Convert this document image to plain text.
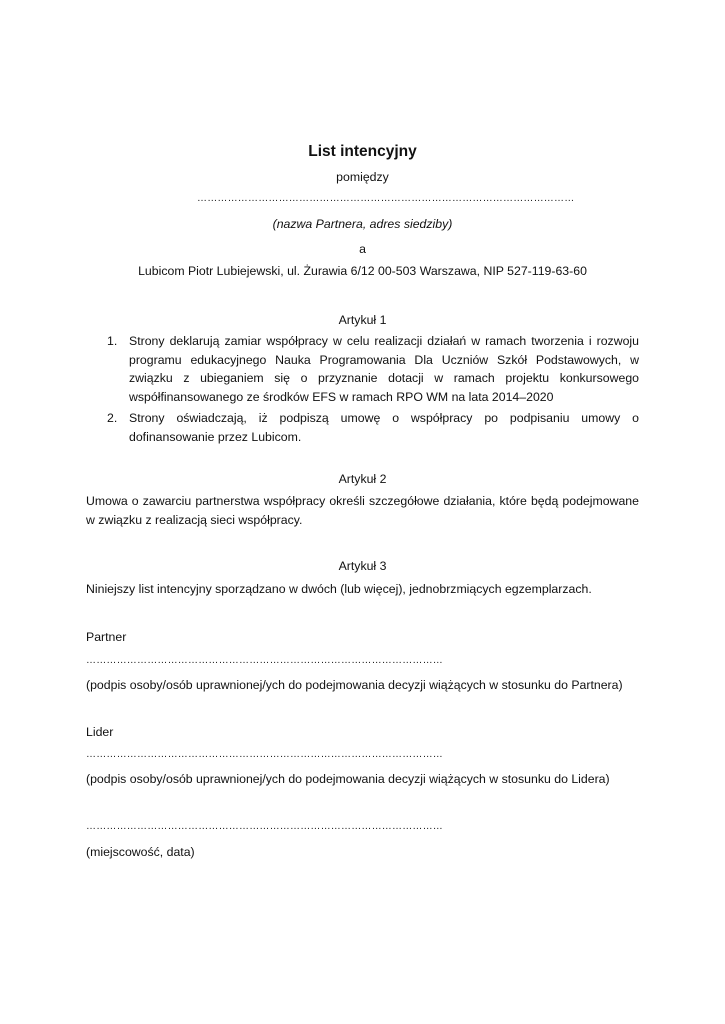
List intencyjny
pomiędzy
…………………………………………………………………………………………………
(nazwa Partnera, adres siedziby)
a
Lubicom Piotr Lubiejewski, ul. Żurawia 6/12 00-503 Warszawa, NIP 527-119-63-60
Artykuł 1
1. Strony deklarują zamiar współpracy w celu realizacji działań w ramach tworzenia i rozwoju programu edukacyjnego Nauka Programowania Dla Uczniów Szkół Podstawowych, w związku z ubieganiem się o przyznanie dotacji w ramach projektu konkursowego współfinansowanego ze środków EFS w ramach RPO WM na lata 2014–2020
2. Strony oświadczają, iż podpiszą umowę o współpracy po podpisaniu umowy o dofinansowanie przez Lubicom.
Artykuł 2
Umowa o zawarciu partnerstwa współpracy określi szczegółowe działania, które będą podejmowane w związku z realizacją sieci współpracy.
Artykuł 3
Niniejszy list intencyjny sporządzano w dwóch (lub więcej), jednobrzmiących egzemplarzach.
Partner
……………………………………………………………………………………………
(podpis osoby/osób uprawnionej/ych do podejmowania decyzji wiążących w stosunku do Partnera)
Lider
……………………………………………………………………………………………
(podpis osoby/osób uprawnionej/ych do podejmowania decyzji wiążących w stosunku do Lidera)
……………………………………………………………………………………………
(miejscowość, data)
